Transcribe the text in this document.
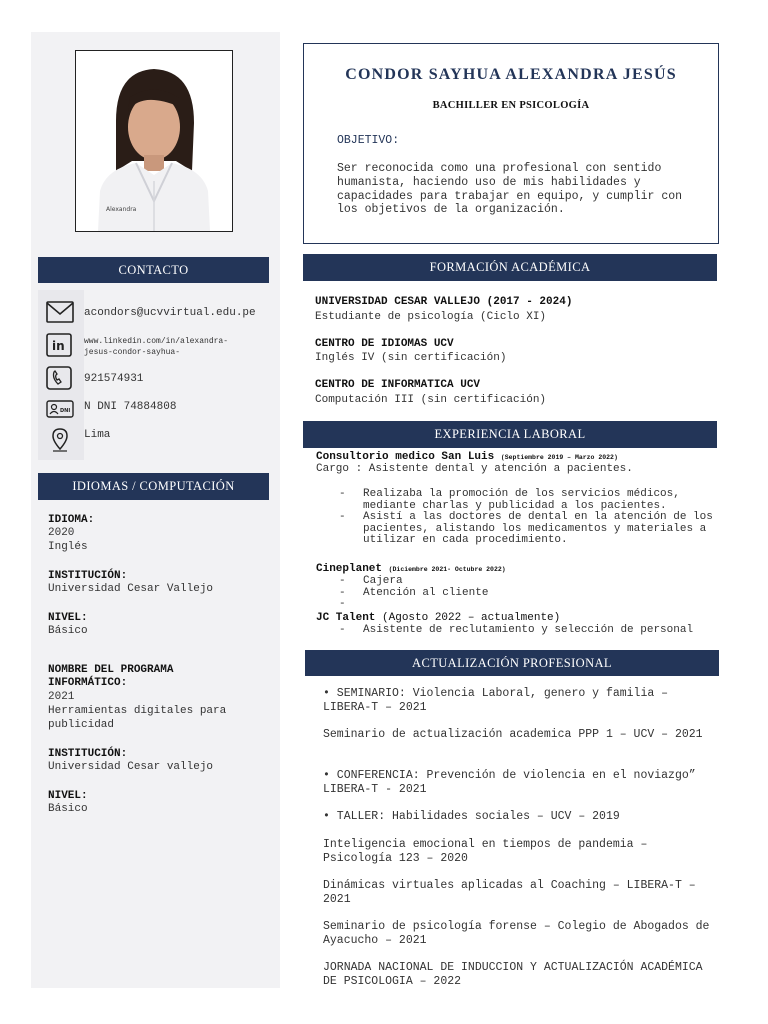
Alexandra
CONTACTO
acondors@ucvvirtual.edu.pe
in www.linkedin.com/in/alexandra-
jesus-condor-sayhua-
921574931
DNI N DNI 74884808
Lima
IDIOMAS / COMPUTACIÓN
IDIOMA:
2020
Inglés
INSTITUCIÓN:
Universidad Cesar Vallejo
NIVEL:
Básico
NOMBRE DEL PROGRAMA
INFORMÁTICO:
2021
Herramientas digitales para
publicidad
INSTITUCIÓN:
Universidad Cesar vallejo
NIVEL:
Básico
CONDOR SAYHUA ALEXANDRA JESÚS
BACHILLER EN PSICOLOGÍA
OBJETIVO:
Ser reconocida como una profesional con sentido humanista, haciendo uso de mis habilidades y capacidades para trabajar en equipo, y cumplir con los objetivos de la organización.
FORMACIÓN ACADÉMICA
UNIVERSIDAD CESAR VALLEJO (2017 - 2024)
Estudiante de psicología (Ciclo XI)
CENTRO DE IDIOMAS UCV
Inglés IV (sin certificación)
CENTRO DE INFORMATICA UCV
Computación III (sin certificación)
EXPERIENCIA LABORAL
Consultorio medico San Luis (Septiembre 2019 – Marzo 2022)
Cargo : Asistente dental y atención a pacientes.
- Realizaba la promoción de los servicios médicos, mediante charlas y publicidad a los pacientes.
- Asistí a las doctores de dental en la atención de los pacientes, alistando los medicamentos y materiales a utilizar en cada procedimiento.
Cineplanet (Diciembre 2021- Octubre 2022)
- Cajera
- Atención al cliente
-
JC Talent (Agosto 2022 – actualmente)
- Asistente de reclutamiento y selección de personal
ACTUALIZACIÓN PROFESIONAL
• SEMINARIO: Violencia Laboral, genero y familia – LIBERA-T – 2021
Seminario de actualización academica PPP 1 – UCV – 2021
• CONFERENCIA: Prevención de violencia en el noviazgo” LIBERA-T - 2021
• TALLER: Habilidades sociales – UCV – 2019
Inteligencia emocional en tiempos de pandemia – Psicología 123 – 2020
Dinámicas virtuales aplicadas al Coaching – LIBERA-T – 2021
Seminario de psicología forense – Colegio de Abogados de Ayacucho – 2021
JORNADA NACIONAL DE INDUCCION Y ACTUALIZACIÓN ACADÉMICA DE PSICOLOGIA – 2022
